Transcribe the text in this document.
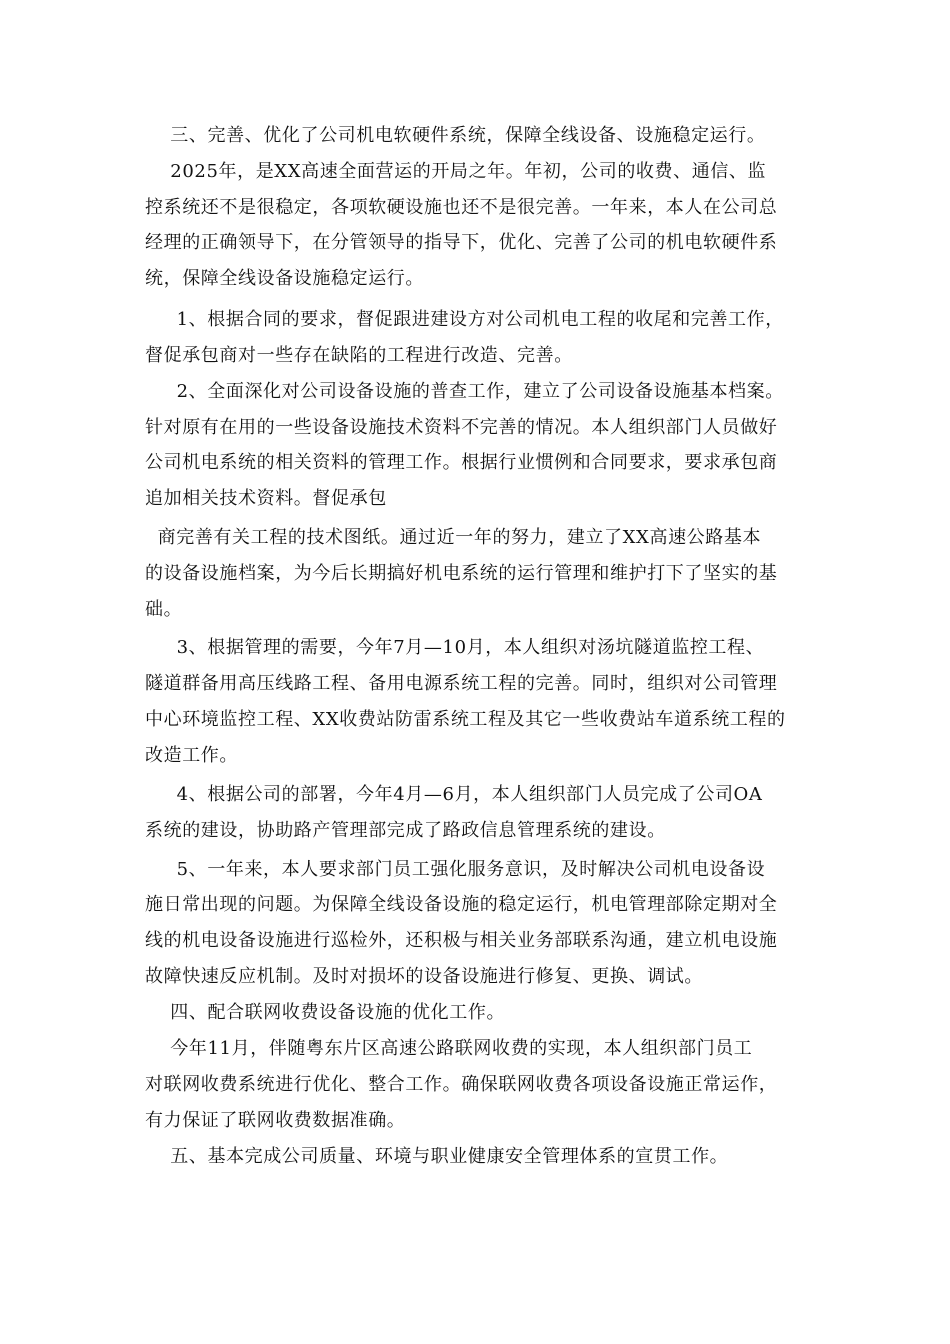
三、完善、优化了公司机电软硬件系统，保障全线设备、设施稳定运行。
2025年，是XX高速全面营运的开局之年。年初，公司的收费、通信、监
控系统还不是很稳定，各项软硬设施也还不是很完善。一年来，本人在公司总
经理的正确领导下，在分管领导的指导下，优化、完善了公司的机电软硬件系
统，保障全线设备设施稳定运行。
1、根据合同的要求，督促跟进建设方对公司机电工程的收尾和完善工作，
督促承包商对一些存在缺陷的工程进行改造、完善。
2、全面深化对公司设备设施的普查工作，建立了公司设备设施基本档案。
针对原有在用的一些设备设施技术资料不完善的情况。本人组织部门人员做好
公司机电系统的相关资料的管理工作。根据行业惯例和合同要求，要求承包商
追加相关技术资料。督促承包
商完善有关工程的技术图纸。通过近一年的努力，建立了XX高速公路基本
的设备设施档案，为今后长期搞好机电系统的运行管理和维护打下了坚实的基
础。
3、根据管理的需要，今年7月—10月，本人组织对汤坑隧道监控工程、
隧道群备用高压线路工程、备用电源系统工程的完善。同时，组织对公司管理
中心环境监控工程、XX收费站防雷系统工程及其它一些收费站车道系统工程的
改造工作。
4、根据公司的部署，今年4月—6月，本人组织部门人员完成了公司OA
系统的建设，协助路产管理部完成了路政信息管理系统的建设。
5、一年来，本人要求部门员工强化服务意识，及时解决公司机电设备设
施日常出现的问题。为保障全线设备设施的稳定运行，机电管理部除定期对全
线的机电设备设施进行巡检外，还积极与相关业务部联系沟通，建立机电设施
故障快速反应机制。及时对损坏的设备设施进行修复、更换、调试。
四、配合联网收费设备设施的优化工作。
今年11月，伴随粤东片区高速公路联网收费的实现，本人组织部门员工
对联网收费系统进行优化、整合工作。确保联网收费各项设备设施正常运作，
有力保证了联网收费数据准确。
五、基本完成公司质量、环境与职业健康安全管理体系的宣贯工作。
